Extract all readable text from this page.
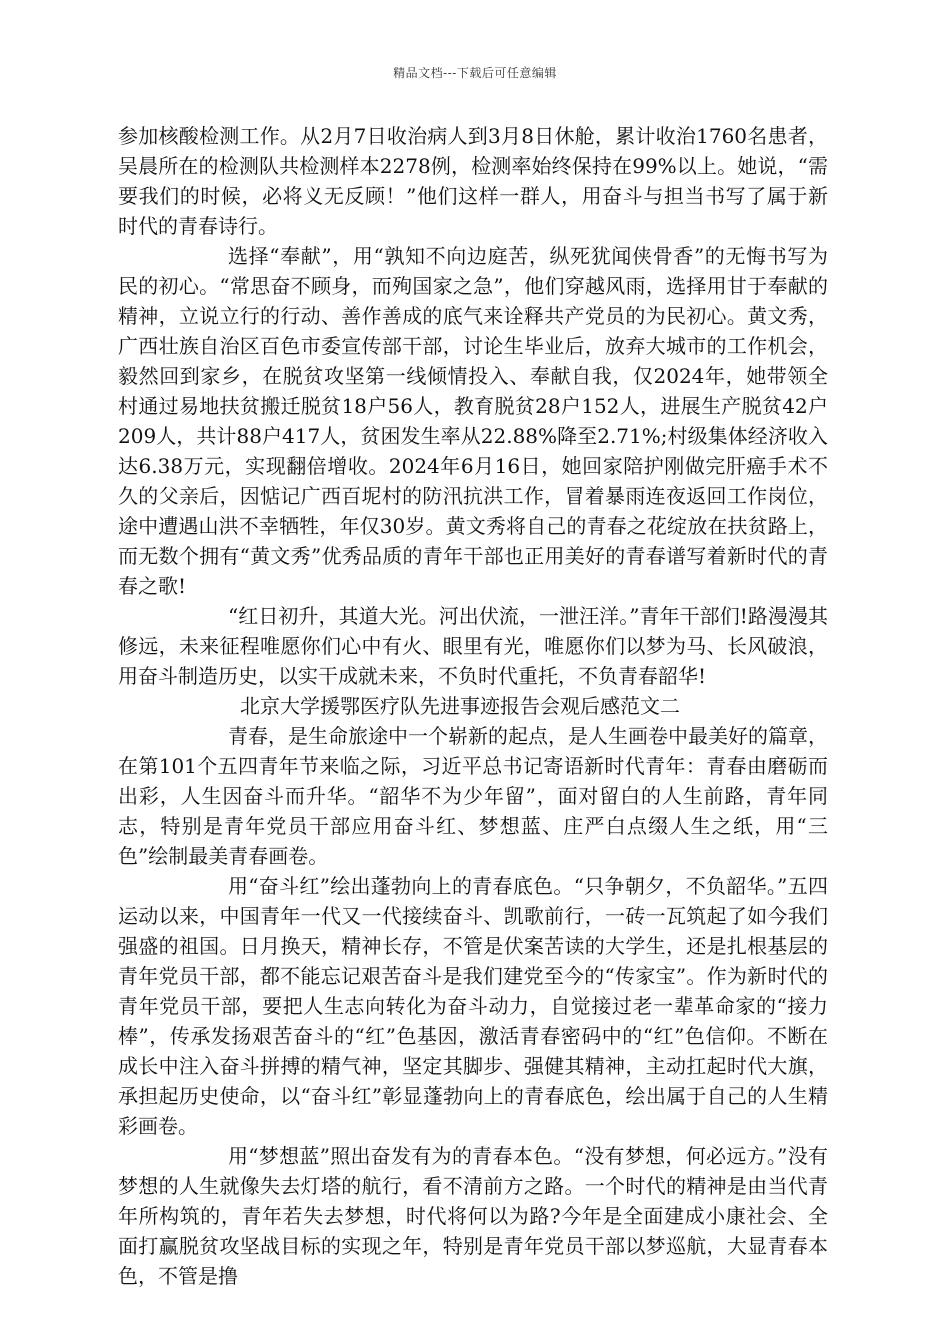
精品文档---下载后可任意编辑

参加核酸检测工作。从2月7日收治病人到3月8日休舱，累计收治1760名患者，吴晨所在的检测队共检测样本2278例，检测率始终保持在99%以上。她说，“需要我们的时候，必将义无反顾！”他们这样一群人，用奋斗与担当书写了属于新时代的青春诗行。

选择“奉献”，用“孰知不向边庭苦，纵死犹闻侠骨香”的无悔书写为民的初心。“常思奋不顾身，而殉国家之急”，他们穿越风雨，选择用甘于奉献的精神，立说立行的行动、善作善成的底气来诠释共产党员的为民初心。黄文秀，广西壮族自治区百色市委宣传部干部，讨论生毕业后，放弃大城市的工作机会，毅然回到家乡，在脱贫攻坚第一线倾情投入、奉献自我，仅2024年，她带领全村通过易地扶贫搬迁脱贫18户56人，教育脱贫28户152人，进展生产脱贫42户209人，共计88户417人，贫困发生率从22.88%降至2.71%;村级集体经济收入达6.38万元，实现翻倍增收。2024年6月16日，她回家陪护刚做完肝癌手术不久的父亲后，因惦记广西百坭村的防汛抗洪工作，冒着暴雨连夜返回工作岗位，途中遭遇山洪不幸牺牲，年仅30岁。黄文秀将自己的青春之花绽放在扶贫路上，而无数个拥有“黄文秀”优秀品质的青年干部也正用美好的青春谱写着新时代的青春之歌!

“红日初升，其道大光。河出伏流，一泄汪洋。”青年干部们!路漫漫其修远，未来征程唯愿你们心中有火、眼里有光，唯愿你们以梦为马、长风破浪，用奋斗制造历史，以实干成就未来，不负时代重托，不负青春韶华!

北京大学援鄂医疗队先进事迹报告会观后感范文二

青春，是生命旅途中一个崭新的起点，是人生画卷中最美好的篇章，在第101个五四青年节来临之际，习近平总书记寄语新时代青年：青春由磨砺而出彩，人生因奋斗而升华。“韶华不为少年留”，面对留白的人生前路，青年同志，特别是青年党员干部应用奋斗红、梦想蓝、庄严白点缀人生之纸，用“三色”绘制最美青春画卷。

用“奋斗红”绘出蓬勃向上的青春底色。“只争朝夕，不负韶华。”五四运动以来，中国青年一代又一代接续奋斗、凯歌前行，一砖一瓦筑起了如今我们强盛的祖国。日月换天，精神长存，不管是伏案苦读的大学生，还是扎根基层的青年党员干部，都不能忘记艰苦奋斗是我们建党至今的“传家宝”。作为新时代的青年党员干部，要把人生志向转化为奋斗动力，自觉接过老一辈革命家的“接力棒”，传承发扬艰苦奋斗的“红”色基因，激活青春密码中的“红”色信仰。不断在成长中注入奋斗拼搏的精气神，坚定其脚步、强健其精神，主动扛起时代大旗，承担起历史使命，以“奋斗红”彰显蓬勃向上的青春底色，绘出属于自己的人生精彩画卷。

用“梦想蓝”照出奋发有为的青春本色。“没有梦想，何必远方。”没有梦想的人生就像失去灯塔的航行，看不清前方之路。一个时代的精神是由当代青年所构筑的，青年若失去梦想，时代将何以为路?今年是全面建成小康社会、全面打赢脱贫攻坚战目标的实现之年，特别是青年党员干部以梦巡航，大显青春本色，不管是撸
